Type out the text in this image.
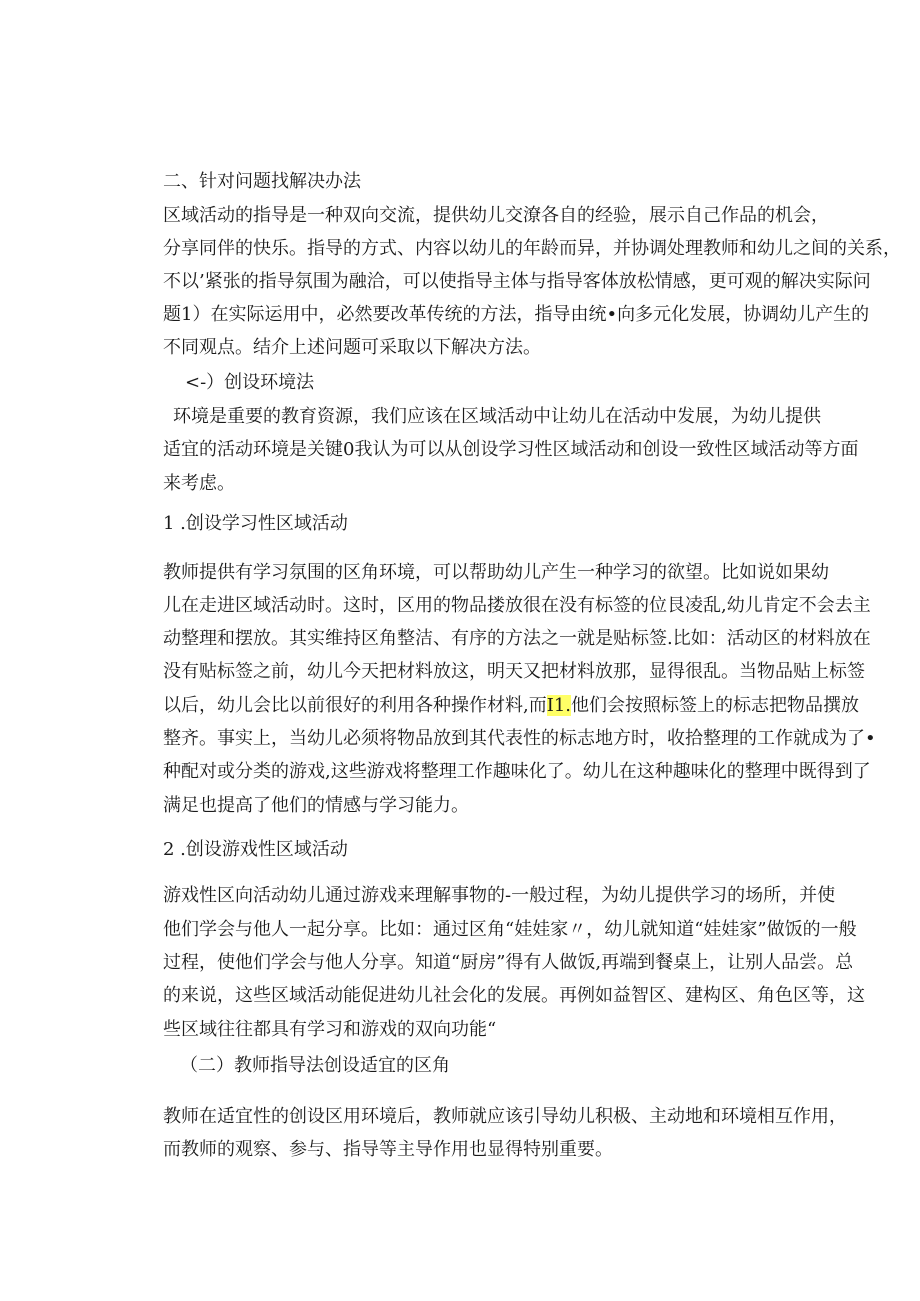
二、针对问题找解决办法
区域活动的指导是一种双向交流，提供幼儿交潦各自的经验，展示自己作品的机会，
分享同伴的快乐。指导的方式、内容以幼儿的年龄而异，并协调处理教师和幼儿之间的关系，
不以’紧张的指导氛围为融洽，可以使指导主体与指导客体放松情感，更可观的解决实际问
题1）在实际运用中，必然要改革传统的方法，指导由统•向多元化发展，协调幼儿产生的
不同观点。结介上述问题可采取以下解决方法。
<-）创设环境法
环境是重要的教育资源，我们应该在区域活动中让幼儿在活动中发展，为幼儿提供
适宜的活动环境是关键0我认为可以从创设学习性区域活动和创设一致性区域活动等方面
来考虑。
1 .创设学习性区域活动
教师提供有学习氛围的区角环境，可以帮助幼儿产生一种学习的欲望。比如说如果幼
儿在走进区域活动时。这时，区用的物品搂放很在没有标签的位艮凌乱,幼儿肯定不会去主
动整理和摆放。其实维持区角整洁、有序的方法之一就是贴标签.比如：活动区的材料放在
没有贴标签之前，幼儿今天把材料放这，明天又把材料放那，显得很乱。当物品贴上标签
以后，幼儿会比以前很好的利用各种操作材料,而I1.他们会按照标签上的标志把物品撰放
整齐。事实上，当幼儿必须将物品放到其代表性的标志地方时，收拾整理的工作就成为了•
种配对或分类的游戏,这些游戏将整理工作趣味化了。幼儿在这种趣味化的整理中既得到了
满足也提高了他们的情感与学习能力。
2 .创设游戏性区域活动
游戏性区向活动幼儿通过游戏来理解事物的-一般过程，为幼儿提供学习的场所，并使
他们学会与他人一起分享。比如：通过区角“娃娃家〃，幼儿就知道“娃娃家”做饭的一般
过程，使他们学会与他人分享。知道“厨房”得有人做饭,再端到餐桌上，让别人品尝。总
的来说，这些区域活动能促进幼儿社会化的发展。再例如益智区、建构区、角色区等，这
些区域往往都具有学习和游戏的双向功能“
（二）教师指导法创设适宜的区角
教师在适宜性的创设区用环境后，教师就应该引导幼儿积极、主动地和环境相互作用，
而教师的观察、参与、指导等主导作用也显得特别重要。
